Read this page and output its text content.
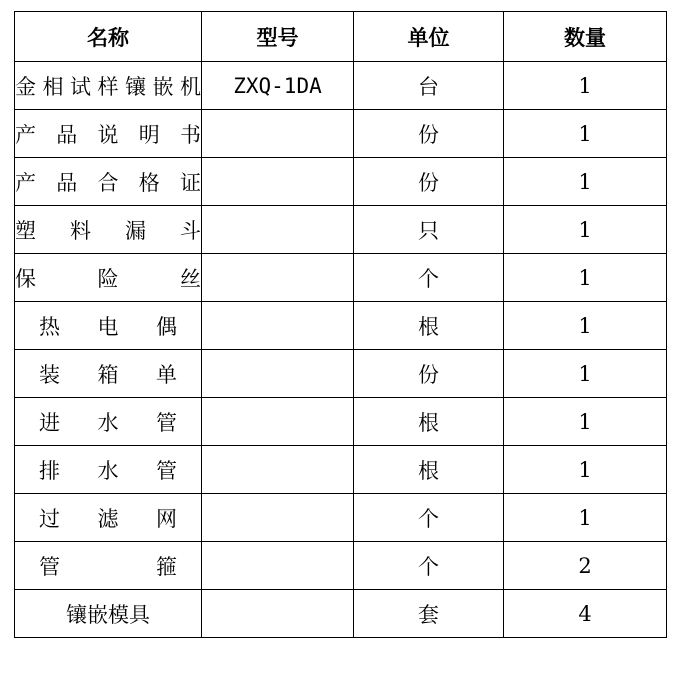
名称	型号	单位	数量
金相试样镶嵌机	ZXQ-1DA	台	1
产品说明书		份	1
产品合格证		份	1
塑料漏斗		只	1
保险丝		个	1
热电偶		根	1
装箱单		份	1
进水管		根	1
排水管		根	1
过滤网		个	1
管箍		个	2
镶嵌模具		套	4
